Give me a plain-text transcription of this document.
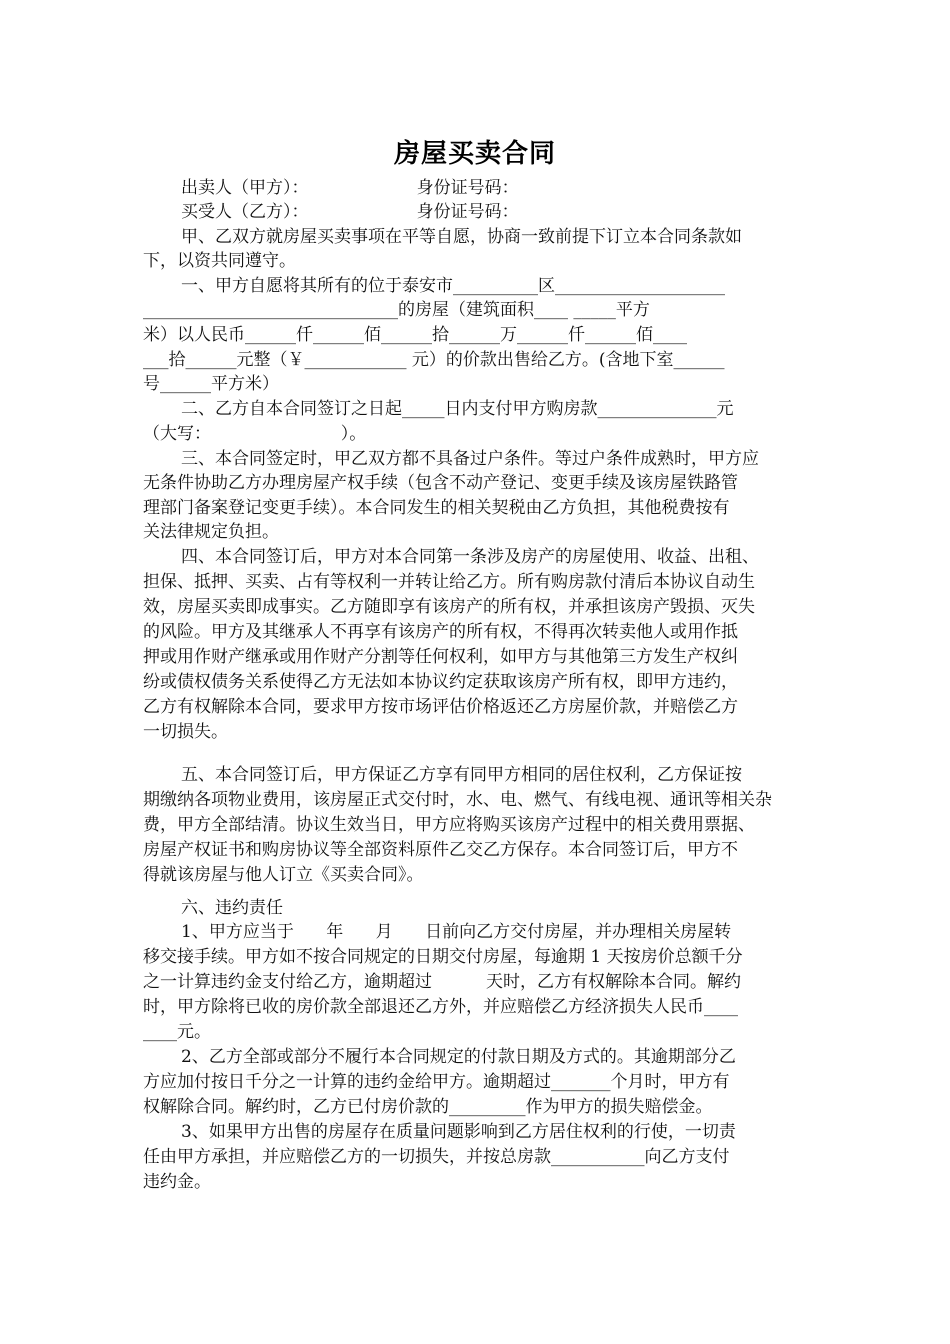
房屋买卖合同
出卖人（甲方）：                    身份证号码：
买受人（乙方）：                    身份证号码：
甲、乙双方就房屋买卖事项在平等自愿，协商一致前提下订立本合同条款如
下，以资共同遵守。
一、甲方自愿将其所有的位于泰安市__________区____________________
______________________________的房屋（建筑面积____ _____平方
米）以人民币______仟______佰______拾______万______仟______佰____
___拾______元整（￥____________ 元）的价款出售给乙方。(含地下室______
号______平方米）
二、乙方自本合同签订之日起_____日内支付甲方购房款______________元
（大写：                        ）。
三、本合同签定时，甲乙双方都不具备过户条件。等过户条件成熟时，甲方应
无条件协助乙方办理房屋产权手续（包含不动产登记、变更手续及该房屋铁路管
理部门备案登记变更手续）。本合同发生的相关契税由乙方负担，其他税费按有
关法律规定负担。
四、本合同签订后，甲方对本合同第一条涉及房产的房屋使用、收益、出租、
担保、抵押、买卖、占有等权利一并转让给乙方。所有购房款付清后本协议自动生
效，房屋买卖即成事实。乙方随即享有该房产的所有权，并承担该房产毁损、灭失
的风险。甲方及其继承人不再享有该房产的所有权，不得再次转卖他人或用作抵
押或用作财产继承或用作财产分割等任何权利，如甲方与其他第三方发生产权纠
纷或债权债务关系使得乙方无法如本协议约定获取该房产所有权，即甲方违约，
乙方有权解除本合同，要求甲方按市场评估价格返还乙方房屋价款，并赔偿乙方
一切损失。
五、本合同签订后，甲方保证乙方享有同甲方相同的居住权利，乙方保证按
期缴纳各项物业费用，该房屋正式交付时，水、电、燃气、有线电视、通讯等相关杂
费，甲方全部结清。协议生效当日，甲方应将购买该房产过程中的相关费用票据、
房屋产权证书和购房协议等全部资料原件乙交乙方保存。本合同签订后，甲方不
得就该房屋与他人订立《买卖合同》。
六、违约责任
1、甲方应当于      年      月      日前向乙方交付房屋，并办理相关房屋转
移交接手续。甲方如不按合同规定的日期交付房屋，每逾期 1 天按房价总额千分
之一计算违约金支付给乙方，逾期超过          天时，乙方有权解除本合同。解约
时，甲方除将已收的房价款全部退还乙方外，并应赔偿乙方经济损失人民币____
____元。
2、乙方全部或部分不履行本合同规定的付款日期及方式的。其逾期部分乙
方应加付按日千分之一计算的违约金给甲方。逾期超过_______个月时，甲方有
权解除合同。解约时，乙方已付房价款的_________作为甲方的损失赔偿金。
3、如果甲方出售的房屋存在质量问题影响到乙方居住权利的行使，一切责
任由甲方承担，并应赔偿乙方的一切损失，并按总房款___________向乙方支付
违约金。
